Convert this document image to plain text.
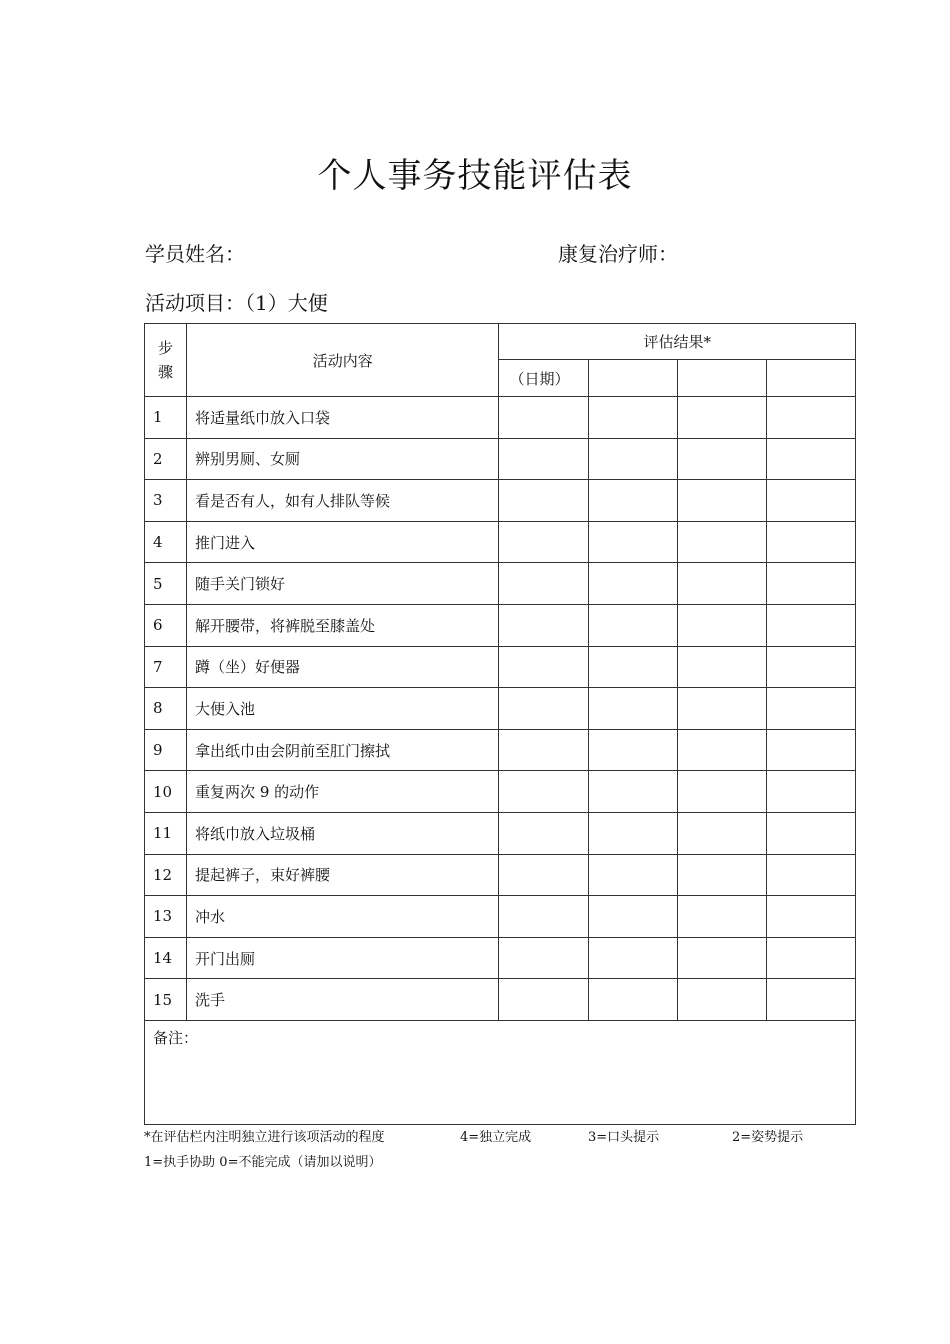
个人事务技能评估表
学员姓名：	康复治疗师：
活动项目：（1）大便
步
骤	活动内容	评估结果*			
		（日期）			
1	将适量纸巾放入口袋				
2	辨别男厕、女厕				
3	看是否有人，如有人排队等候				
4	推门进入				
5	随手关门锁好				
6	解开腰带，将裤脱至膝盖处				
7	蹲（坐）好便器				
8	大便入池				
9	拿出纸巾由会阴前至肛门擦拭				
10	重复两次 9 的动作				
11	将纸巾放入垃圾桶				
12	提起裤子，束好裤腰				
13	冲水				
14	开门出厕				
15	洗手				
备注：					
*在评估栏内注明独立进行该项活动的程度	4=独立完成	3=口头提示	2=姿势提示
1=执手协助 0=不能完成（请加以说明）
